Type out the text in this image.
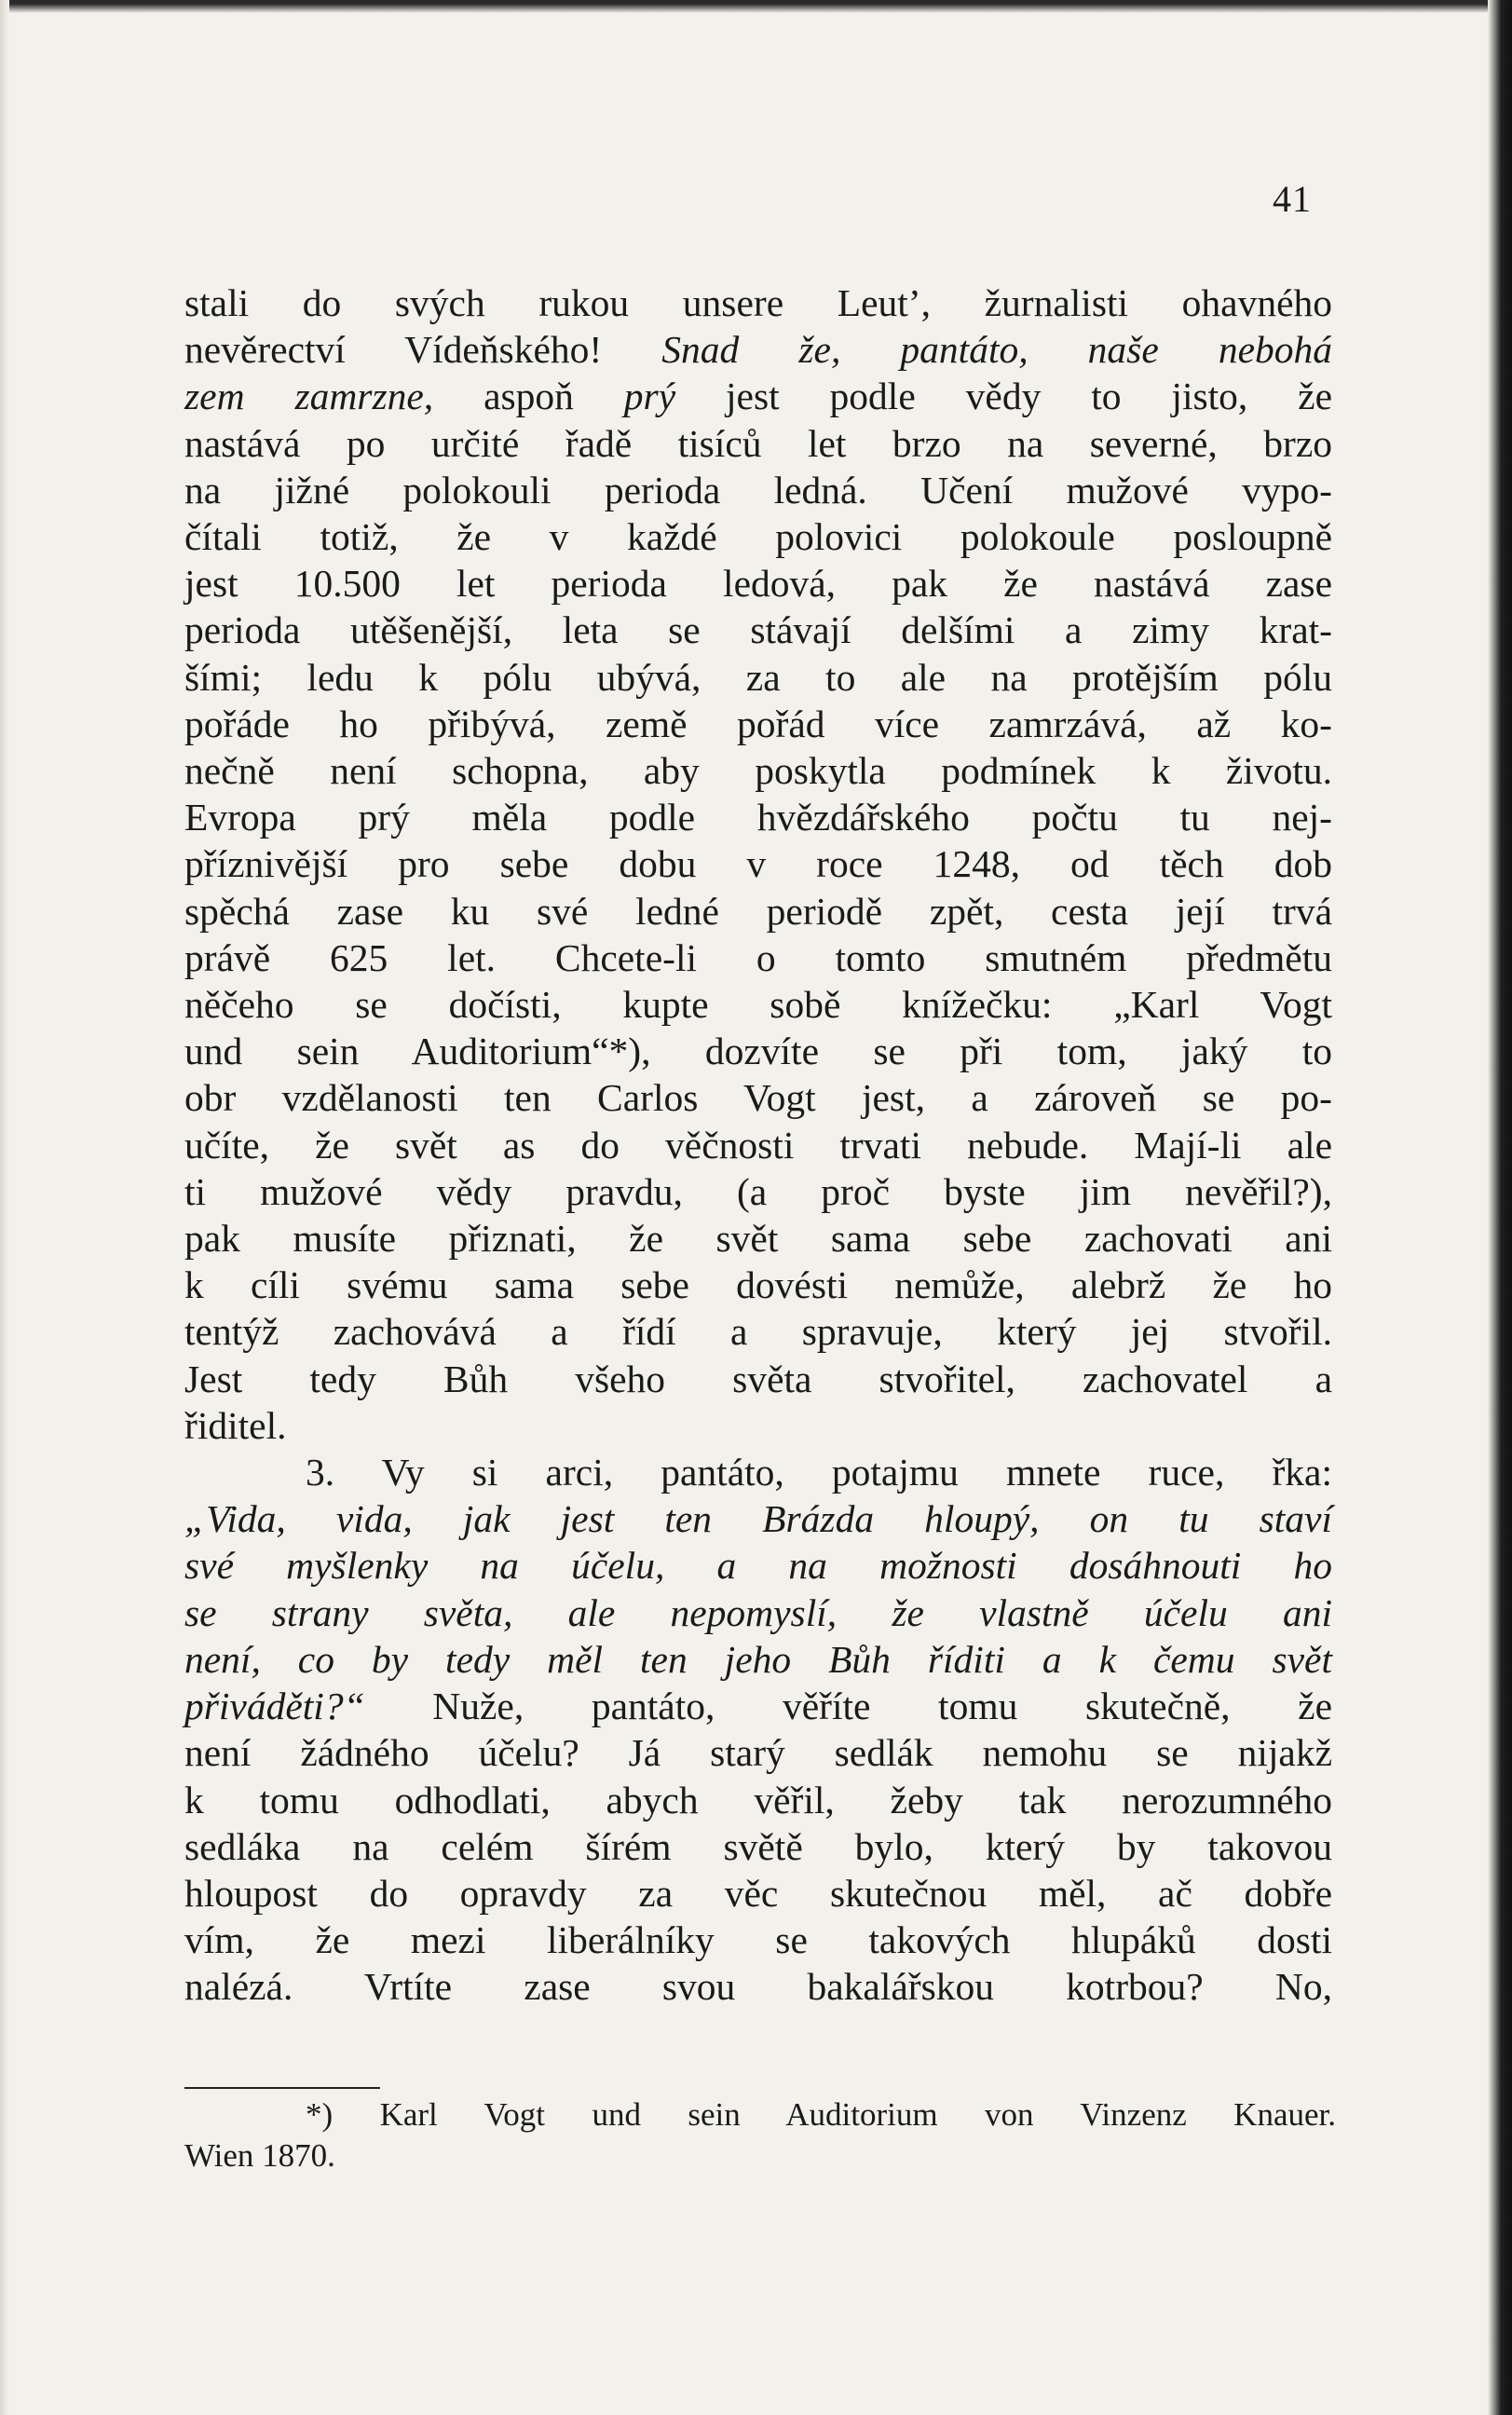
41
stali do svých rukou unsere Leut’, žurnalisti ohavného
nevěrectví Vídeňského! Snad že, pantáto, naše nebohá
zem zamrzne, aspoň prý jest podle vědy to jisto, že
nastává po určité řadě tisíců let brzo na severné, brzo
na jižné polokouli perioda ledná. Učení mužové vypo-
čítali totiž, že v každé polovici polokoule posloupně
jest 10.500 let perioda ledová, pak že nastává zase
perioda utěšenější, leta se stávají delšími a zimy krat-
šími; ledu k pólu ubývá, za to ale na protějším pólu
pořáde ho přibývá, země pořád více zamrzává, až ko-
nečně není schopna, aby poskytla podmínek k životu.
Evropa prý měla podle hvězdářského počtu tu nej-
příznivější pro sebe dobu v roce 1248, od těch dob
spěchá zase ku své ledné periodě zpět, cesta její trvá
právě 625 let. Chcete-li o tomto smutném předmětu
něčeho se dočísti, kupte sobě knížečku: „Karl Vogt
und sein Auditorium“*), dozvíte se při tom, jaký to
obr vzdělanosti ten Carlos Vogt jest, a zároveň se po-
učíte, že svět as do věčnosti trvati nebude. Mají-li ale
ti mužové vědy pravdu, (a proč byste jim nevěřil?),
pak musíte přiznati, že svět sama sebe zachovati ani
k cíli svému sama sebe dovésti nemůže, alebrž že ho
tentýž zachovává a řídí a spravuje, který jej stvořil.
Jest tedy Bůh všeho světa stvořitel, zachovatel a
řiditel.
3. Vy si arci, pantáto, potajmu mnete ruce, řka:
„Vida, vida, jak jest ten Brázda hloupý, on tu staví
své myšlenky na účelu, a na možnosti dosáhnouti ho
se strany světa, ale nepomyslí, že vlastně účelu ani
není, co by tedy měl ten jeho Bůh říditi a k čemu svět
přiváděti?“ Nuže, pantáto, věříte tomu skutečně, že
není žádného účelu? Já starý sedlák nemohu se nijakž
k tomu odhodlati, abych věřil, žeby tak nerozumného
sedláka na celém šírém světě bylo, který by takovou
hloupost do opravdy za věc skutečnou měl, ač dobře
vím, že mezi liberálníky se takových hlupáků dosti
nalézá. Vrtíte zase svou bakalářskou kotrbou? No,
*) Karl Vogt und sein Auditorium von Vinzenz Knauer.
Wien 1870.
